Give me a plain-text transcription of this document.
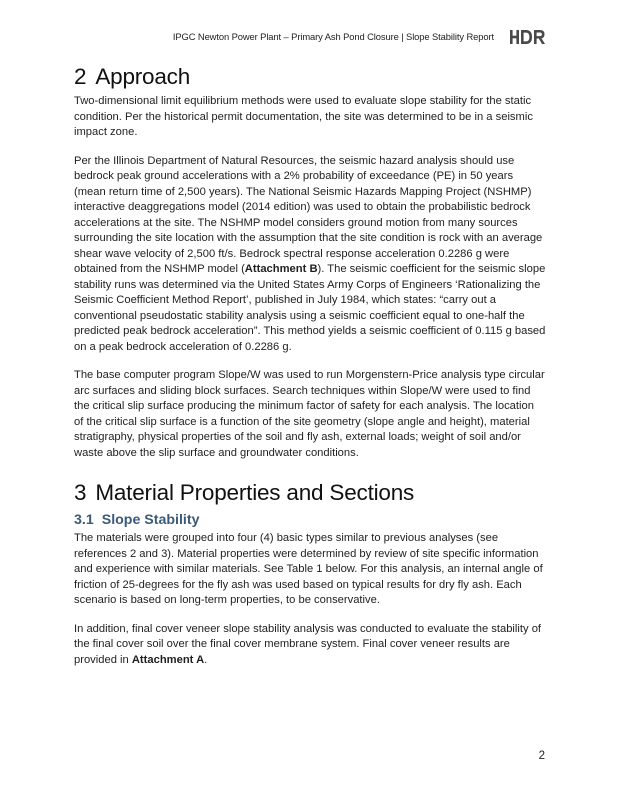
IPGC Newton Power Plant – Primary Ash Pond Closure | Slope Stability Report
2 Approach

Two-dimensional limit equilibrium methods were used to evaluate slope stability for the static condition. Per the historical permit documentation, the site was determined to be in a seismic impact zone.

Per the Illinois Department of Natural Resources, the seismic hazard analysis should use bedrock peak ground accelerations with a 2% probability of exceedance (PE) in 50 years (mean return time of 2,500 years). The National Seismic Hazards Mapping Project (NSHMP) interactive deaggregations model (2014 edition) was used to obtain the probabilistic bedrock accelerations at the site. The NSHMP model considers ground motion from many sources surrounding the site location with the assumption that the site condition is rock with an average shear wave velocity of 2,500 ft/s. Bedrock spectral response acceleration 0.2286 g were obtained from the NSHMP model (Attachment B). The seismic coefficient for the seismic slope stability runs was determined via the United States Army Corps of Engineers ‘Rationalizing the Seismic Coefficient Method Report’, published in July 1984, which states: “carry out a conventional pseudostatic stability analysis using a seismic coefficient equal to one-half the predicted peak bedrock acceleration”. This method yields a seismic coefficient of 0.115 g based on a peak bedrock acceleration of 0.2286 g.

The base computer program Slope/W was used to run Morgenstern-Price analysis type circular arc surfaces and sliding block surfaces. Search techniques within Slope/W were used to find the critical slip surface producing the minimum factor of safety for each analysis. The location of the critical slip surface is a function of the site geometry (slope angle and height), material stratigraphy, physical properties of the soil and fly ash, external loads; weight of soil and/or waste above the slip surface and groundwater conditions.

3 Material Properties and Sections
3.1 Slope Stability

The materials were grouped into four (4) basic types similar to previous analyses (see references 2 and 3). Material properties were determined by review of site specific information and experience with similar materials. See Table 1 below. For this analysis, an internal angle of friction of 25-degrees for the fly ash was used based on typical results for dry fly ash. Each scenario is based on long-term properties, to be conservative.

In addition, final cover veneer slope stability analysis was conducted to evaluate the stability of the final cover soil over the final cover membrane system. Final cover veneer results are provided in Attachment A.

2
